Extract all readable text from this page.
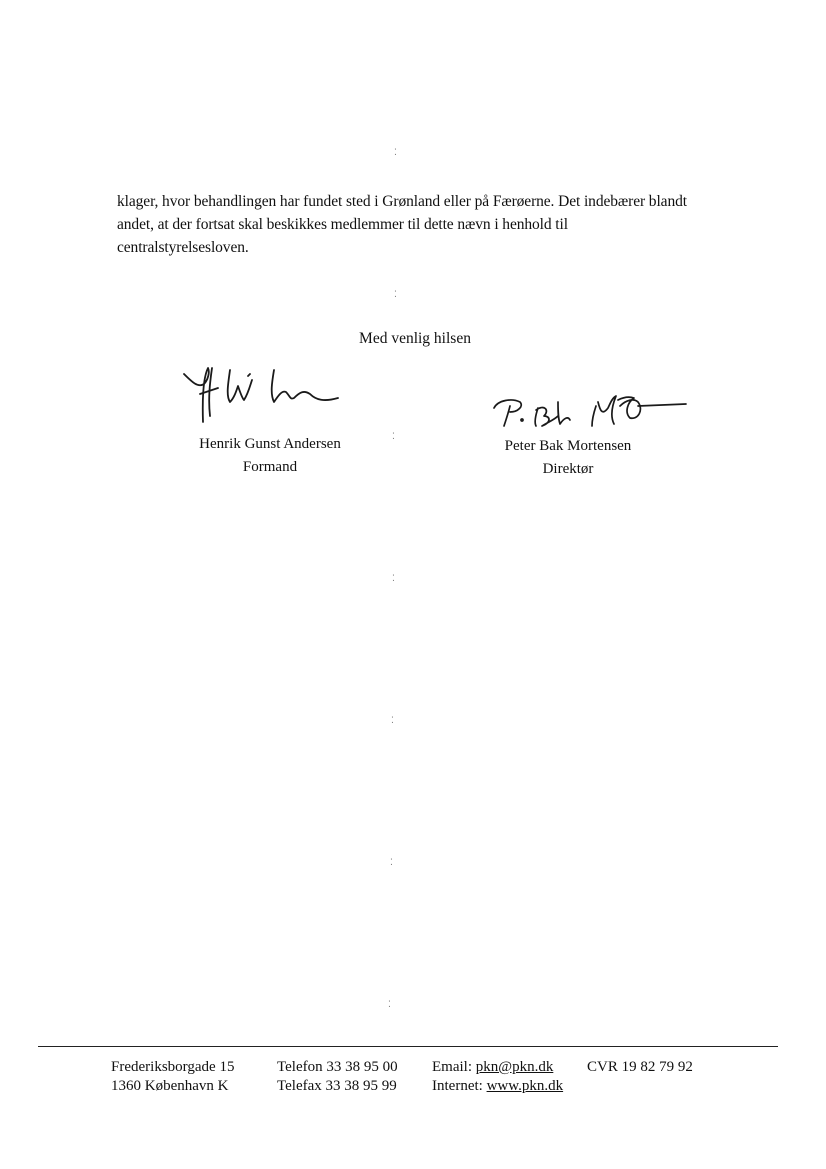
⁚
⁚
⁚
⁚
⁚
⁚
⁚
klager, hvor behandlingen har fundet sted i Grønland eller på Færøerne. Det indebærer blandt
andet, at der fortsat skal beskikkes medlemmer til dette nævn i henhold til
centralstyrelsesloven.
Med venlig hilsen
Henrik Gunst Andersen
Formand
Peter Bak Mortensen
Direktør
Frederiksborgade 15
1360 København K
Telefon 33 38 95 00
Telefax 33 38 95 99
Email: pkn@pkn.dk
Internet: www.pkn.dk
CVR 19 82 79 92
